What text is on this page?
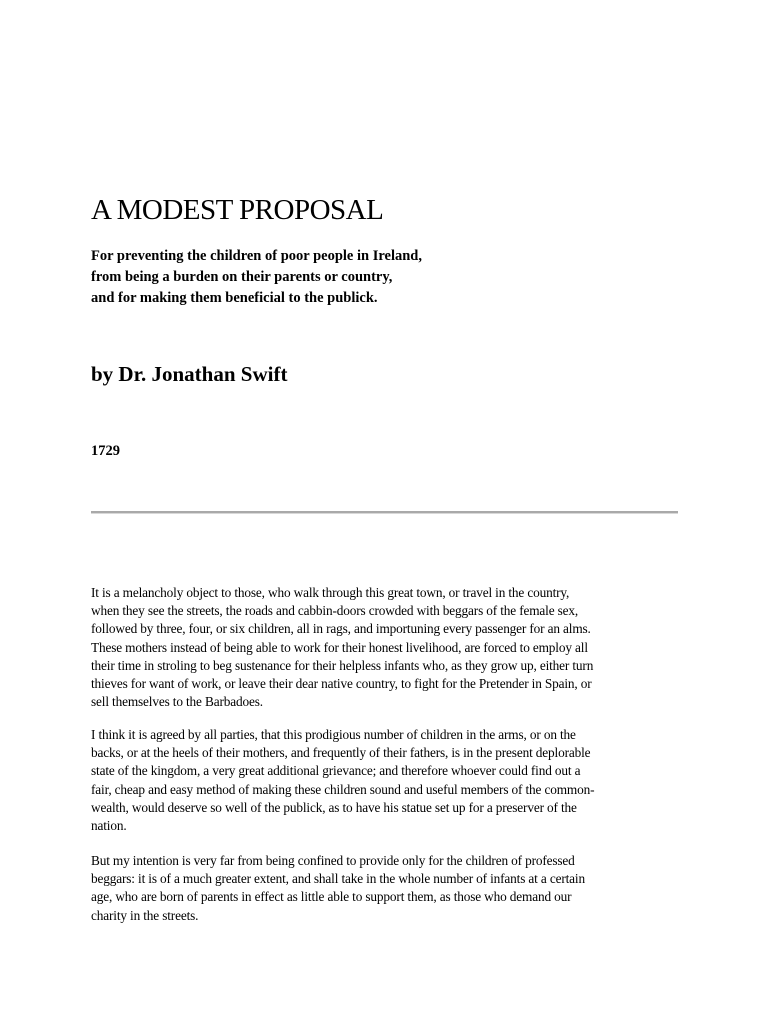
A MODEST PROPOSAL
For preventing the children of poor people in Ireland,
from being a burden on their parents or country,
and for making them beneficial to the publick.
by Dr. Jonathan Swift
1729
It is a melancholy object to those, who walk through this great town, or travel in the country,
when they see the streets, the roads and cabbin-doors crowded with beggars of the female sex,
followed by three, four, or six children, all in rags, and importuning every passenger for an alms.
These mothers instead of being able to work for their honest livelihood, are forced to employ all
their time in stroling to beg sustenance for their helpless infants who, as they grow up, either turn
thieves for want of work, or leave their dear native country, to fight for the Pretender in Spain, or
sell themselves to the Barbadoes.
I think it is agreed by all parties, that this prodigious number of children in the arms, or on the
backs, or at the heels of their mothers, and frequently of their fathers, is in the present deplorable
state of the kingdom, a very great additional grievance; and therefore whoever could find out a
fair, cheap and easy method of making these children sound and useful members of the common-
wealth, would deserve so well of the publick, as to have his statue set up for a preserver of the
nation.
But my intention is very far from being confined to provide only for the children of professed
beggars: it is of a much greater extent, and shall take in the whole number of infants at a certain
age, who are born of parents in effect as little able to support them, as those who demand our
charity in the streets.
